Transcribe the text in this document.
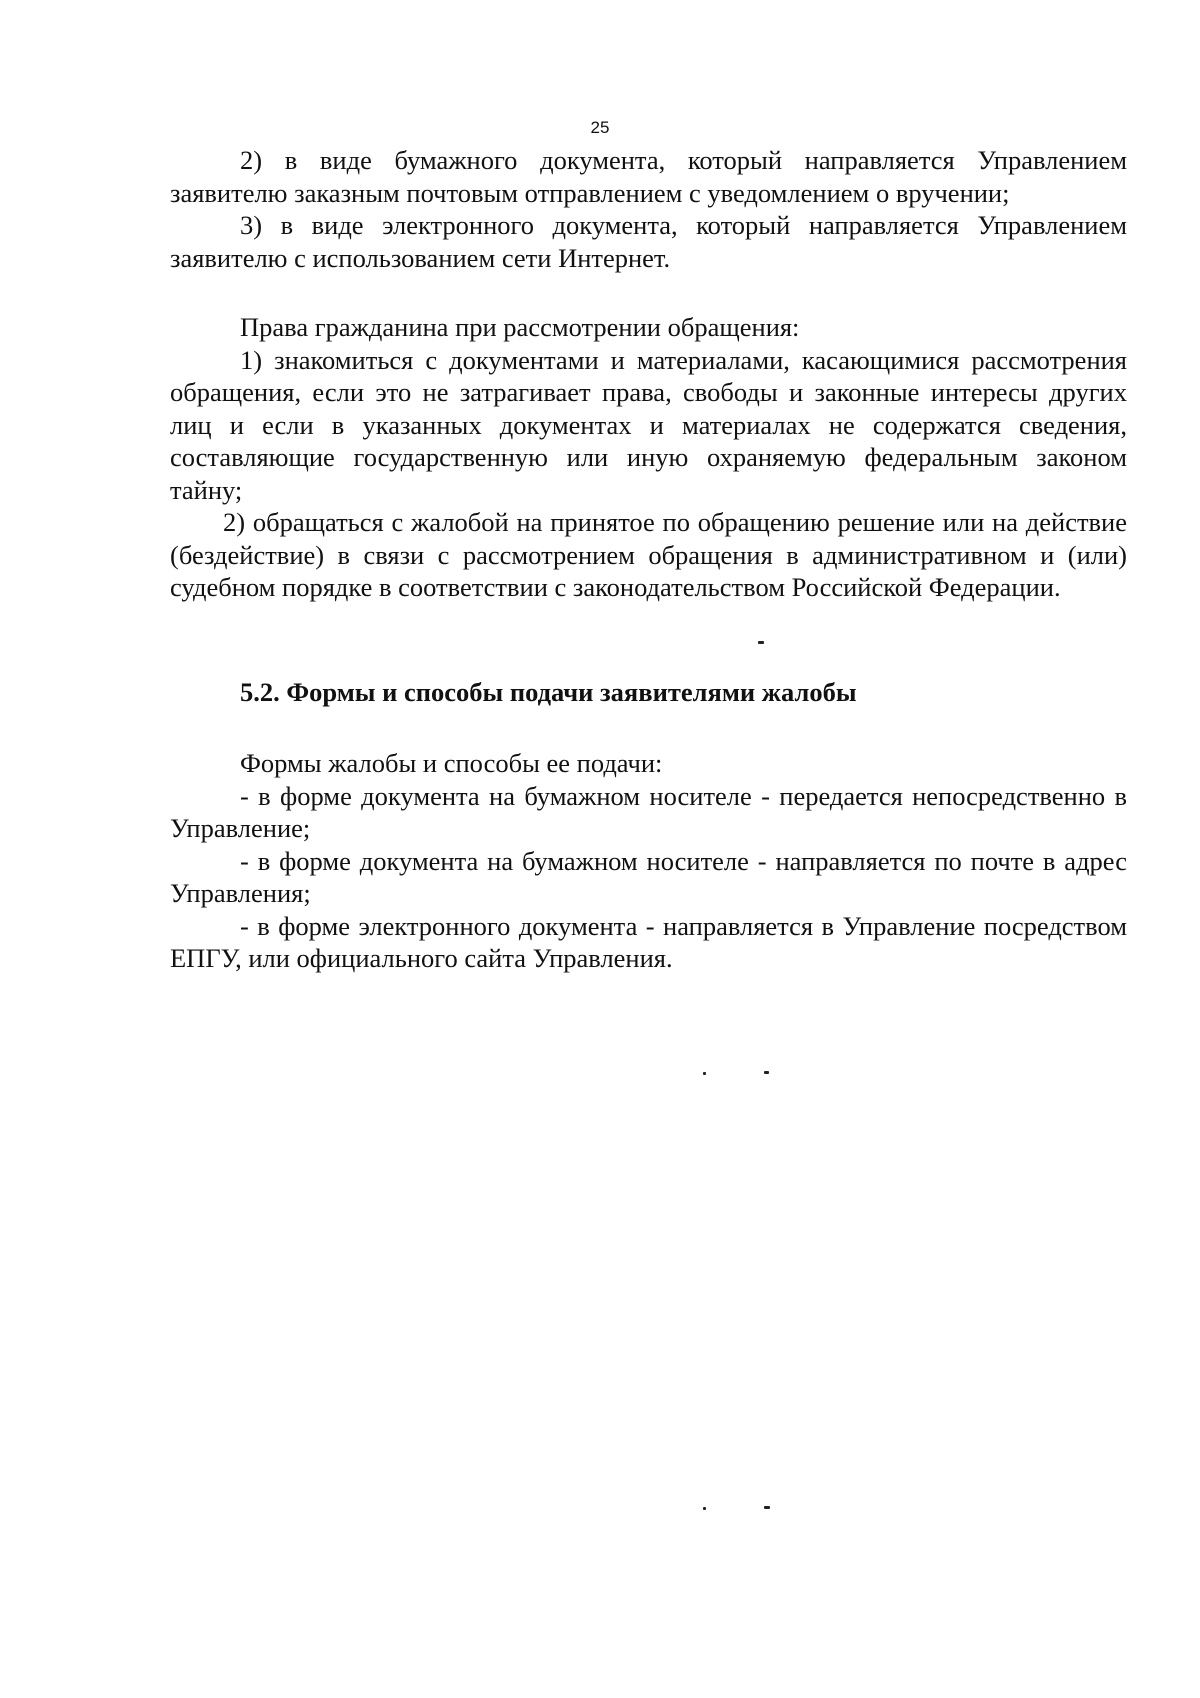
25

2) в виде бумажного документа, который направляется Управлением заявителю заказным почтовым отправлением с уведомлением о вручении;

3) в виде электронного документа, который направляется Управлением заявителю с использованием сети Интернет.

Права гражданина при рассмотрении обращения:

1) знакомиться с документами и материалами, касающимися рассмотрения обращения, если это не затрагивает права, свободы и законные интересы других лиц и если в указанных документах и материалах не содержатся сведения, составляющие государственную или иную охраняемую федеральным законом тайну;

2) обращаться с жалобой на принятое по обращению решение или на действие (бездействие) в связи с рассмотрением обращения в административном и (или) судебном порядке в соответствии с законодательством Российской Федерации.

5.2. Формы и способы подачи заявителями жалобы

Формы жалобы и способы ее подачи:

- в форме документа на бумажном носителе - передается непосредственно в Управление;

- в форме документа на бумажном носителе - направляется по почте в адрес Управления;

- в форме электронного документа - направляется в Управление посредством ЕПГУ, или официального сайта Управления.
